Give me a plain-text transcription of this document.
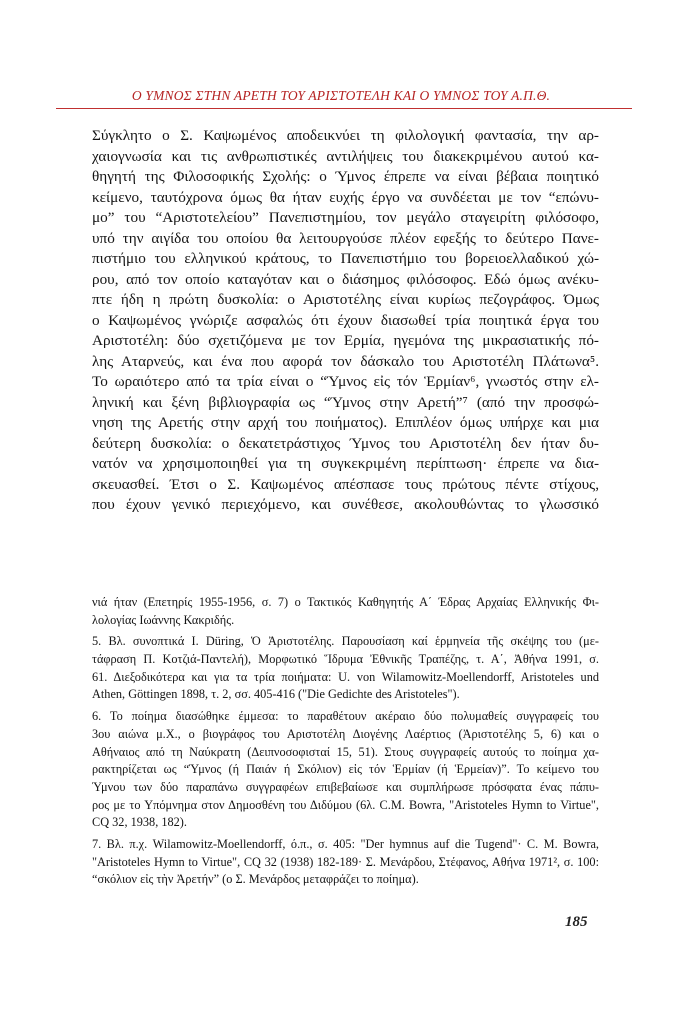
Ο ΥΜΝΟΣ ΣΤΗΝ ΑΡΕΤΗ ΤΟΥ ΑΡΙΣΤΟΤΕΛΗ ΚΑΙ Ο ΥΜΝΟΣ ΤΟΥ Α.Π.Θ.
Σύγκλητο ο Σ. Καψωμένος αποδεικνύει τη φιλολογική φαντασία, την αρ-
χαιογνωσία και τις ανθρωπιστικές αντιλήψεις του διακεκριμένου αυτού κα-
θηγητή της Φιλοσοφικής Σχολής: ο Ύμνος έπρεπε να είναι βέβαια ποιητικό
κείμενο, ταυτόχρονα όμως θα ήταν ευχής έργο να συνδέεται με τον “επώνυ-
μο” του “Αριστοτελείου” Πανεπιστημίου, τον μεγάλο σταγειρίτη φιλόσοφο,
υπό την αιγίδα του οποίου θα λειτουργούσε πλέον εφεξής το δεύτερο Πανε-
πιστήμιο του ελληνικού κράτους, το Πανεπιστήμιο του βορειοελλαδικού χώ-
ρου, από τον οποίο καταγόταν και ο διάσημος φιλόσοφος. Εδώ όμως ανέκυ-
πτε ήδη η πρώτη δυσκολία: ο Αριστοτέλης είναι κυρίως πεζογράφος. Όμως
ο Καψωμένος γνώριζε ασφαλώς ότι έχουν διασωθεί τρία ποιητικά έργα του
Αριστοτέλη: δύο σχετιζόμενα με τον Ερμία, ηγεμόνα της μικρασιατικής πό-
λης Αταρνεύς, και ένα που αφορά τον δάσκαλο του Αριστοτέλη Πλάτωνα⁵.
Το ωραιότερο από τα τρία είναι ο “Ύμνος εἰς τόν Ἑρμίαν⁶, γνωστός στην ελ-
ληνική και ξένη βιβλιογραφία ως “Ύμνος στην Αρετή”⁷ (από την προσφώ-
νηση της Αρετής στην αρχή του ποιήματος). Επιπλέον όμως υπήρχε και μια
δεύτερη δυσκολία: ο δεκατετράστιχος Ύμνος του Αριστοτέλη δεν ήταν δυ-
νατόν να χρησιμοποιηθεί για τη συγκεκριμένη περίπτωση· έπρεπε να δια-
σκευασθεί. Έτσι ο Σ. Καψωμένος απέσπασε τους πρώτους πέντε στίχους,
που έχουν γενικό περιεχόμενο, και συνέθεσε, ακολουθώντας το γλωσσικό
νιά ήταν (Επετηρίς 1955-1956, σ. 7) ο Τακτικός Καθηγητής Α΄ Έδρας Αρχαίας Ελληνικής Φι-
λολογίας Ιωάννης Κακριδής.
5. Βλ. συνοπτικά I. Düring, Ὁ Ἀριστοτέλης. Παρουσίαση καί ἑρμηνεία τῆς σκέψης του (με-
τάφραση Π. Κοτζιά-Παντελή), Μορφωτικό Ἵδρυμα Ἐθνικῆς Τραπέζης, τ. Α΄, Ἀθήνα 1991, σ.
61. Διεξοδικότερα και για τα τρία ποιήματα: U. von Wilamowitz-Moellendorff, Aristoteles und
Athen, Göttingen 1898, τ. 2, σσ. 405-416 ("Die Gedichte des Aristoteles").
6. Το ποίημα διασώθηκε έμμεσα: το παραθέτουν ακέραιο δύο πολυμαθείς συγγραφείς του
3ου αιώνα μ.Χ., ο βιογράφος του Αριστοτέλη Διογένης Λαέρτιος (Ἀριστοτέλης 5, 6) και ο
Αθήναιος από τη Ναύκρατη (Δειπνοσοφισταί 15, 51). Στους συγγραφείς αυτούς το ποίημα χα-
ρακτηρίζεται ως “Ύμνος (ή Παιάν ή Σκόλιον) εἰς τόν Ἑρμίαν (ή Ἑρμείαν)”. Το κείμενο του
Ύμνου των δύο παραπάνω συγγραφέων επιβεβαίωσε και συμπλήρωσε πρόσφατα ένας πάπυ-
ρος με το Υπόμνημα στον Δημοσθένη του Διδύμου (6λ. C.M. Bowra, "Aristoteles Hymn to Virtue",
CQ 32, 1938, 182).
7. Βλ. π.χ. Wilamowitz-Moellendorff, ό.π., σ. 405: "Der hymnus auf die Tugend"· C. M. Bowra,
"Aristoteles Hymn to Virtue", CQ 32 (1938) 182-189· Σ. Μενάρδου, Στέφανος, Αθήνα 1971², σ. 100:
“σκόλιον εἰς τὴν Ἀρετήν” (ο Σ. Μενάρδος μεταφράζει το ποίημα).
185
